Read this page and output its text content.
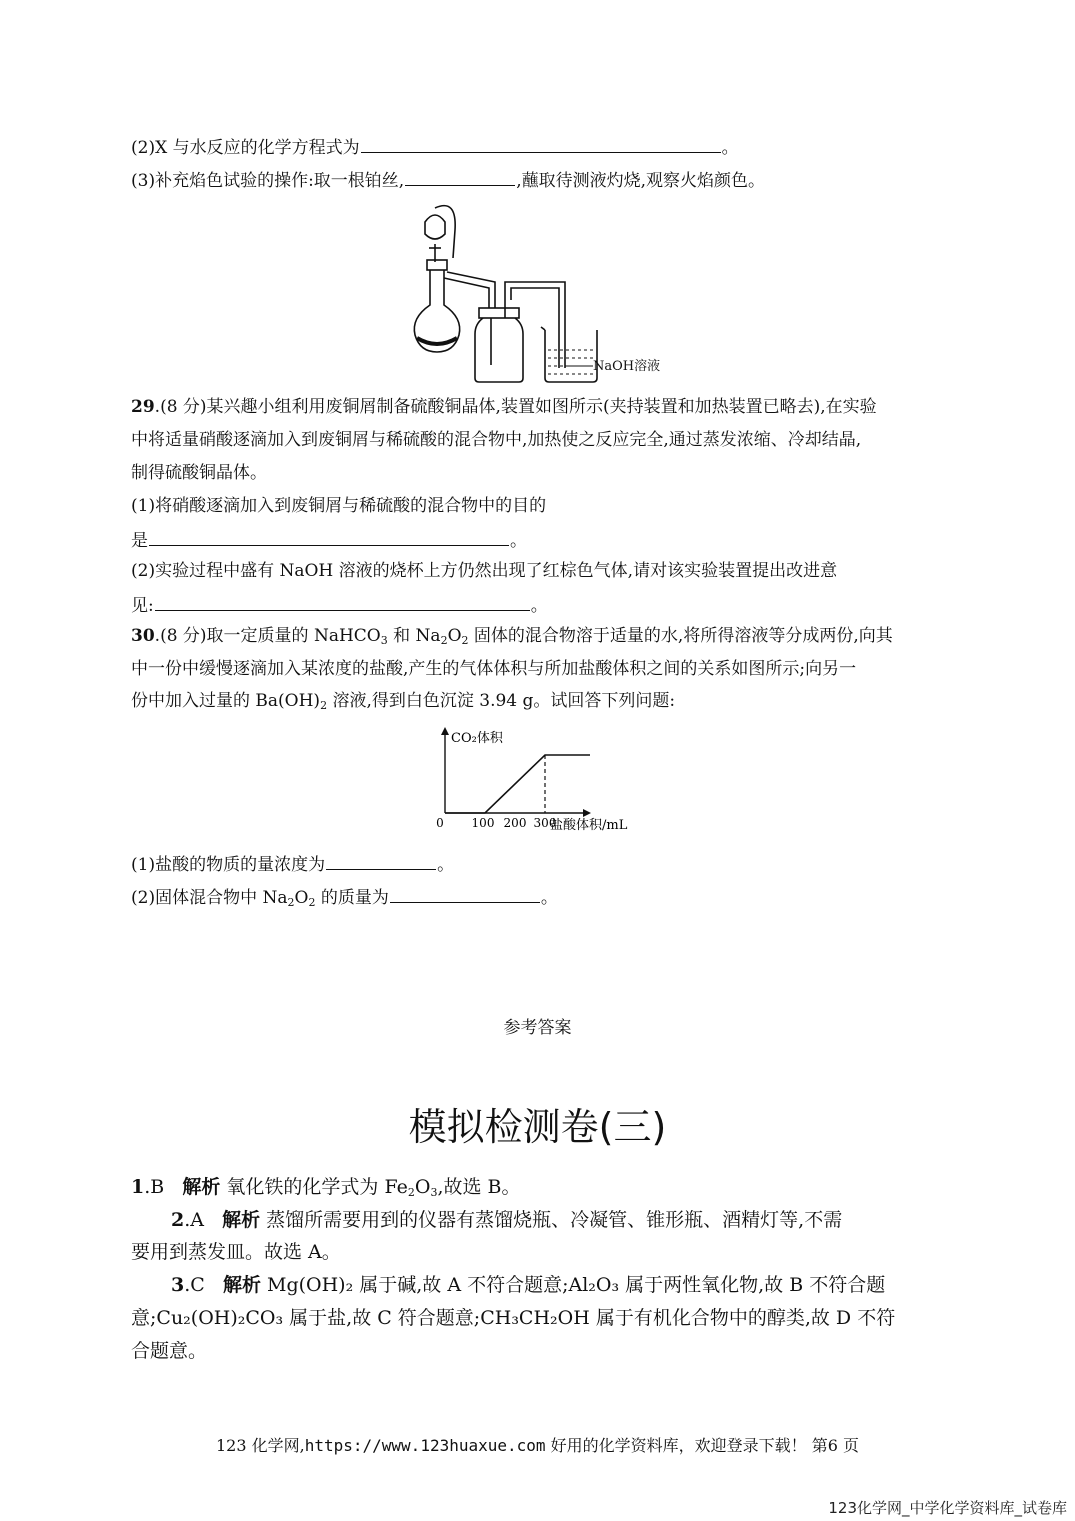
(2)X 与水反应的化学方程式为	。
(3)补充焰色试验的操作:取一根铂丝,	,蘸取待测液灼烧,观察火焰颜色。
NaOH溶液
29.(8 分)某兴趣小组利用废铜屑制备硫酸铜晶体,装置如图所示(夹持装置和加热装置已略去),在实验
中将适量硝酸逐滴加入到废铜屑与稀硫酸的混合物中,加热使之反应完全,通过蒸发浓缩、冷却结晶,
制得硫酸铜晶体。
(1)将硝酸逐滴加入到废铜屑与稀硫酸的混合物中的目的
是	。
(2)实验过程中盛有 NaOH 溶液的烧杯上方仍然出现了红棕色气体,请对该实验装置提出改进意
见:	。
30.(8 分)取一定质量的 NaHCO$_3$ 和 $Na_2O_2$ 固体的混合物溶于适量的水,将所得溶液等分成两份,向其
中一份中缓慢逐滴加入某浓度的盐酸,产生的气体体积与所加盐酸体积之间的关系如图所示;向另一
份中加入过量的 $Ba(OH)_2$ 溶液,得到白色沉淀 3.94 g。试回答下列问题:
CO₂体积
0 100 200 300
盐酸体积/mL
(1)盐酸的物质的量浓度为	。
(2)固体混合物中 $Na_2O_2$ 的质量为	。
参考答案
模拟检测卷(三)
1.B 解析 氧化铁的化学式为 $Fe_2O_3$,故选 B。
2.A 解析 蒸馏所需要用到的仪器有蒸馏烧瓶、冷凝管、锥形瓶、酒精灯等,不需
要用到蒸发皿。故选 A。
3.C 解析 Mg(OH)₂ 属于碱,故 A 不符合题意;Al₂O₃ 属于两性氧化物,故 B 不符合题
意;Cu₂(OH)₂CO₃ 属于盐,故 C 符合题意;CH₃CH₂OH 属于有机化合物中的醇类,故 D 不符
合题意。
123 化学网,https://www.123huaxue.com 好用的化学资料库，欢迎登录下载！ 第6 页
123化学网_中学化学资料库_试卷库
